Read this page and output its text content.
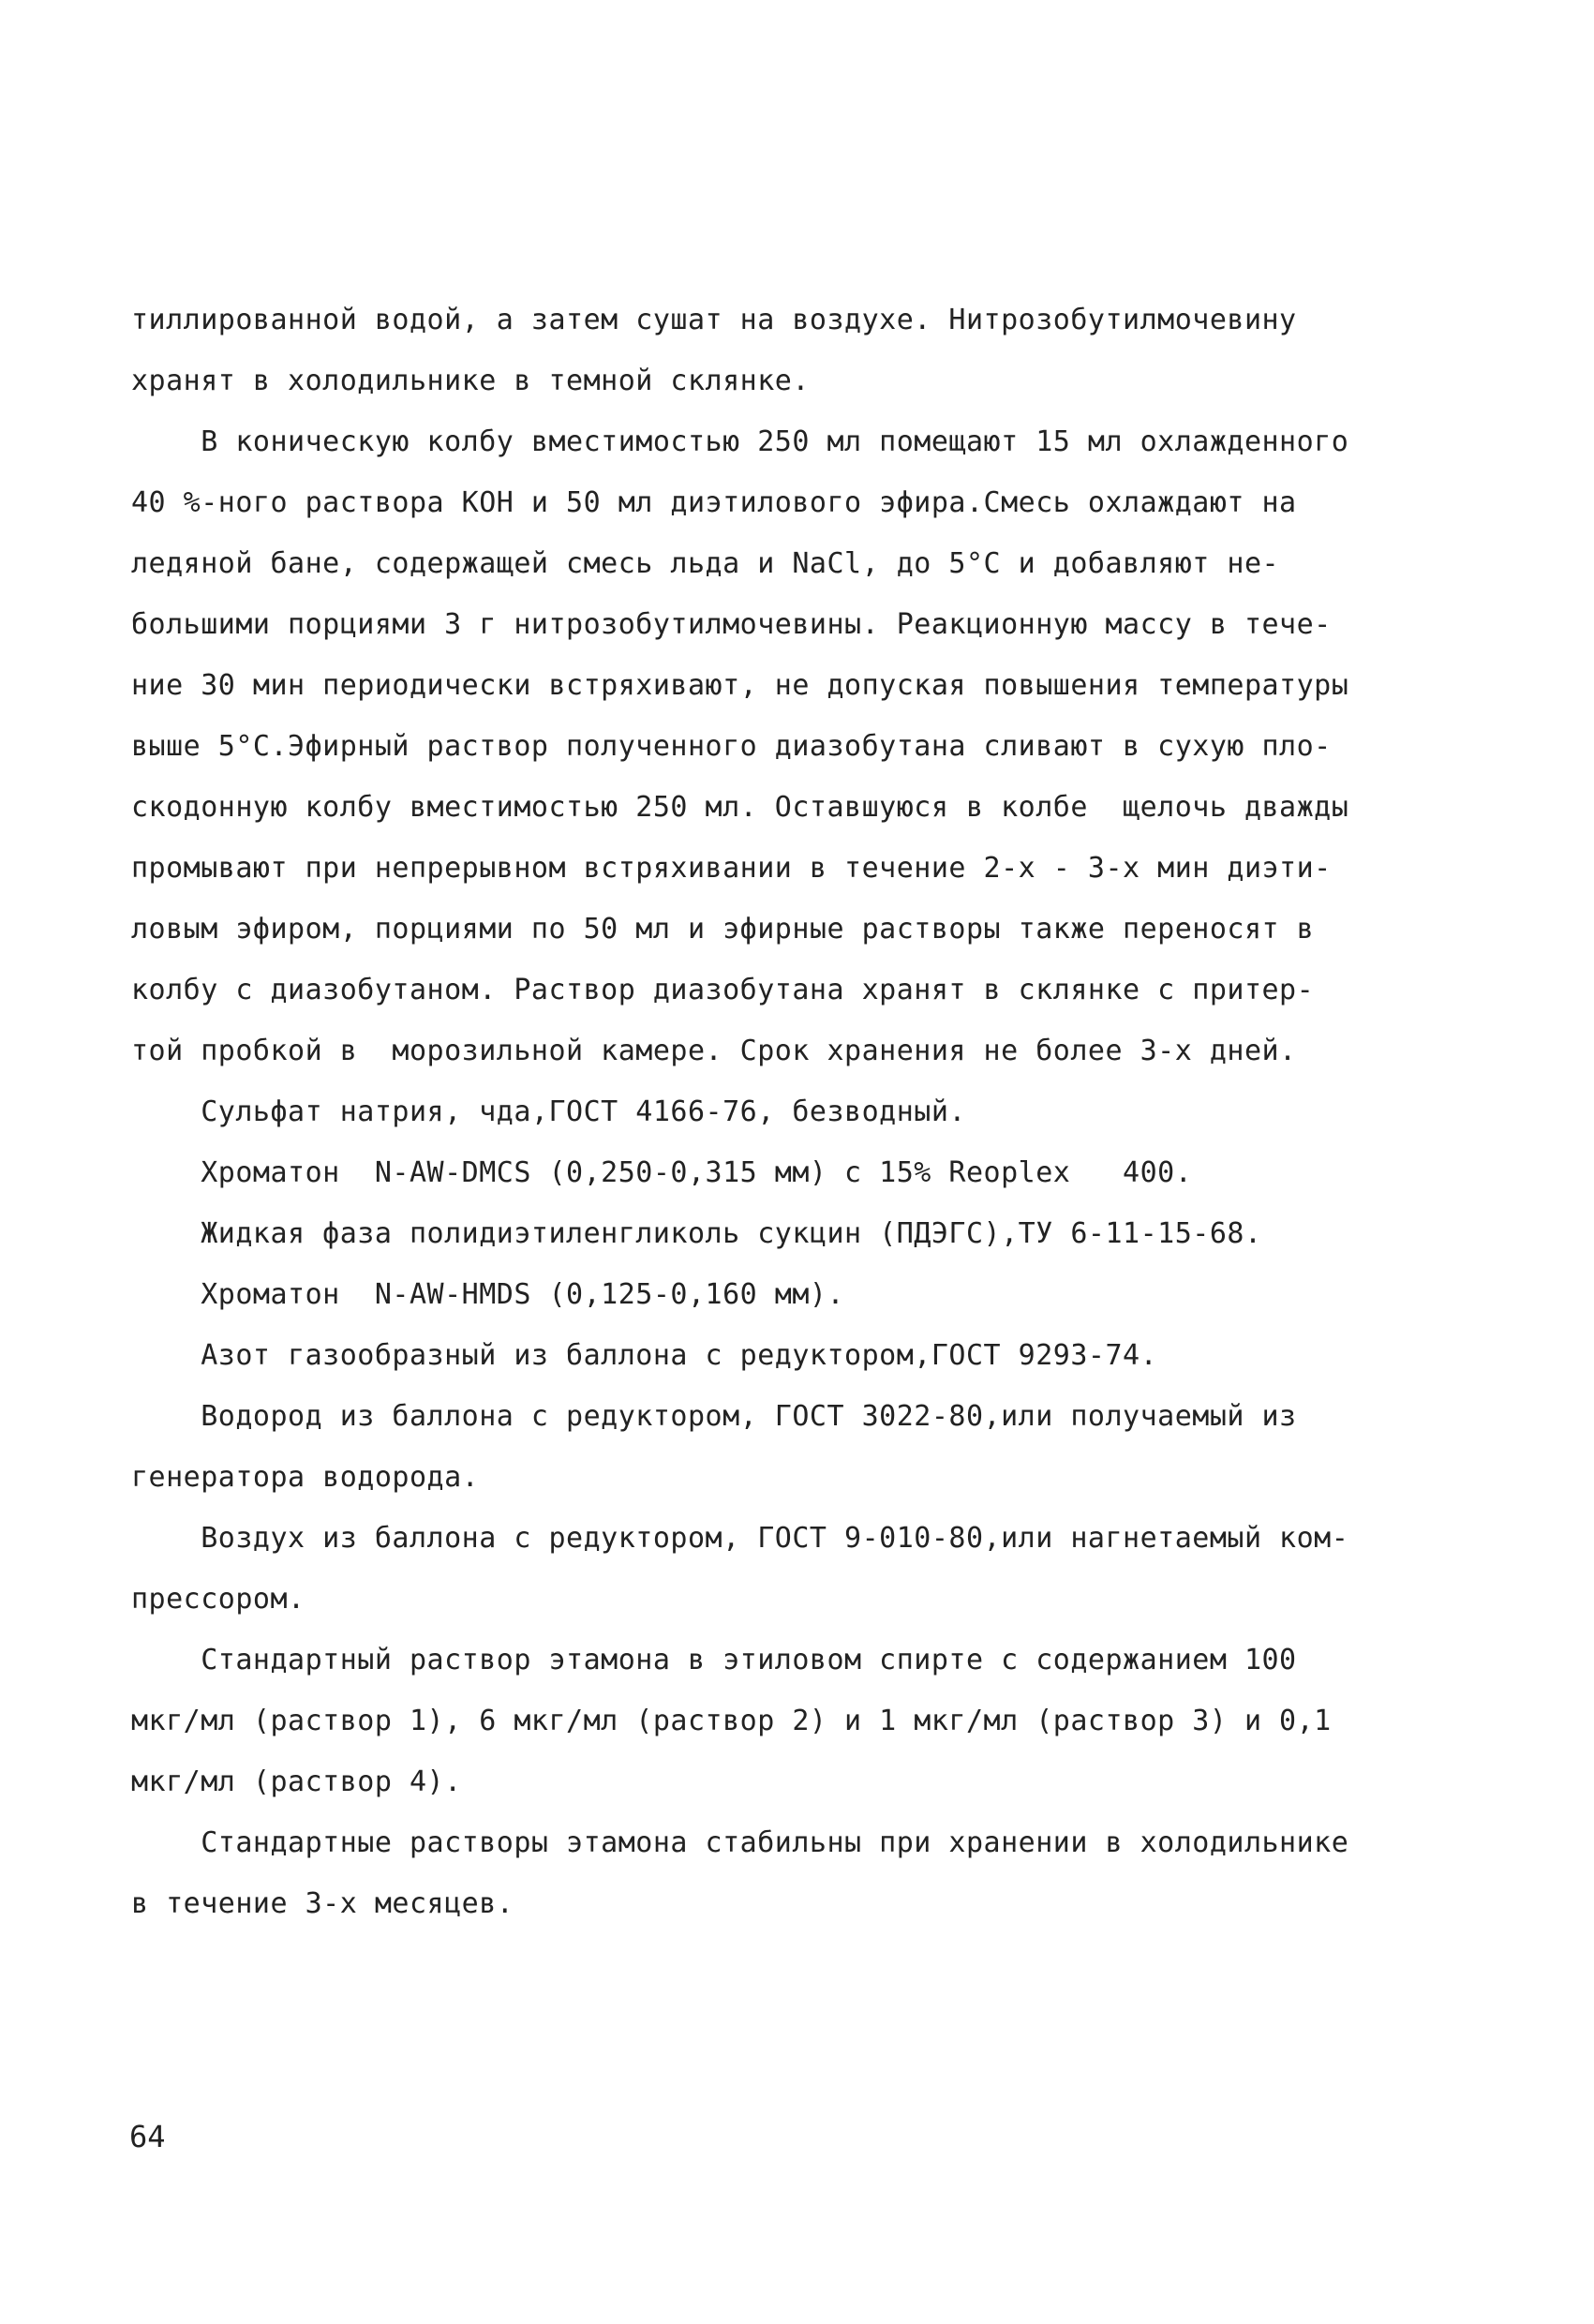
тиллированной водой, а затем сушат на воздухе. Нитрозобутилмочевину
хранят в холодильнике в темной склянке.
В коническую колбу вместимостью 250 мл помещают 15 мл охлажденного
40 %-ного раствора КОН и 50 мл диэтилового эфира.Смесь охлаждают на
ледяной бане, содержащей смесь льда и NaCl, до 5°С и добавляют не-
большими порциями 3 г нитрозобутилмочевины. Реакционную массу в тече-
ние 30 мин периодически встряхивают, не допуская повышения температуры
выше 5°С.Эфирный раствор полученного диазобутана сливают в сухую пло-
скодонную колбу вместимостью 250 мл. Оставшуюся в колбе  щелочь дважды
промывают при непрерывном встряхивании в течение 2-х - 3-х мин диэти-
ловым эфиром, порциями по 50 мл и эфирные растворы также переносят в
колбу с диазобутаном. Раствор диазобутана хранят в склянке с притер-
той пробкой в  морозильной камере. Срок хранения не более 3-х дней.
Сульфат натрия, чда,ГОСТ 4166-76, безводный.
Хроматон  N-AW-DMCS (0,250-0,315 мм) с 15% Reoplex   400.
Жидкая фаза полидиэтиленгликоль сукцин (ПДЭГС),ТУ 6-11-15-68.
Хроматон  N-AW-HMDS (0,125-0,160 мм).
Азот газообразный из баллона с редуктором,ГОСТ 9293-74.
Водород из баллона с редуктором, ГОСТ 3022-80,или получаемый из
генератора водорода.
Воздух из баллона с редуктором, ГОСТ 9-010-80,или нагнетаемый ком-
прессором.
Стандартный раствор этамона в этиловом спирте с содержанием 100
мкг/мл (раствор 1), 6 мкг/мл (раствор 2) и 1 мкг/мл (раствор 3) и 0,1
мкг/мл (раствор 4).
Стандартные растворы этамона стабильны при хранении в холодильнике
в течение 3-х месяцев.
64
